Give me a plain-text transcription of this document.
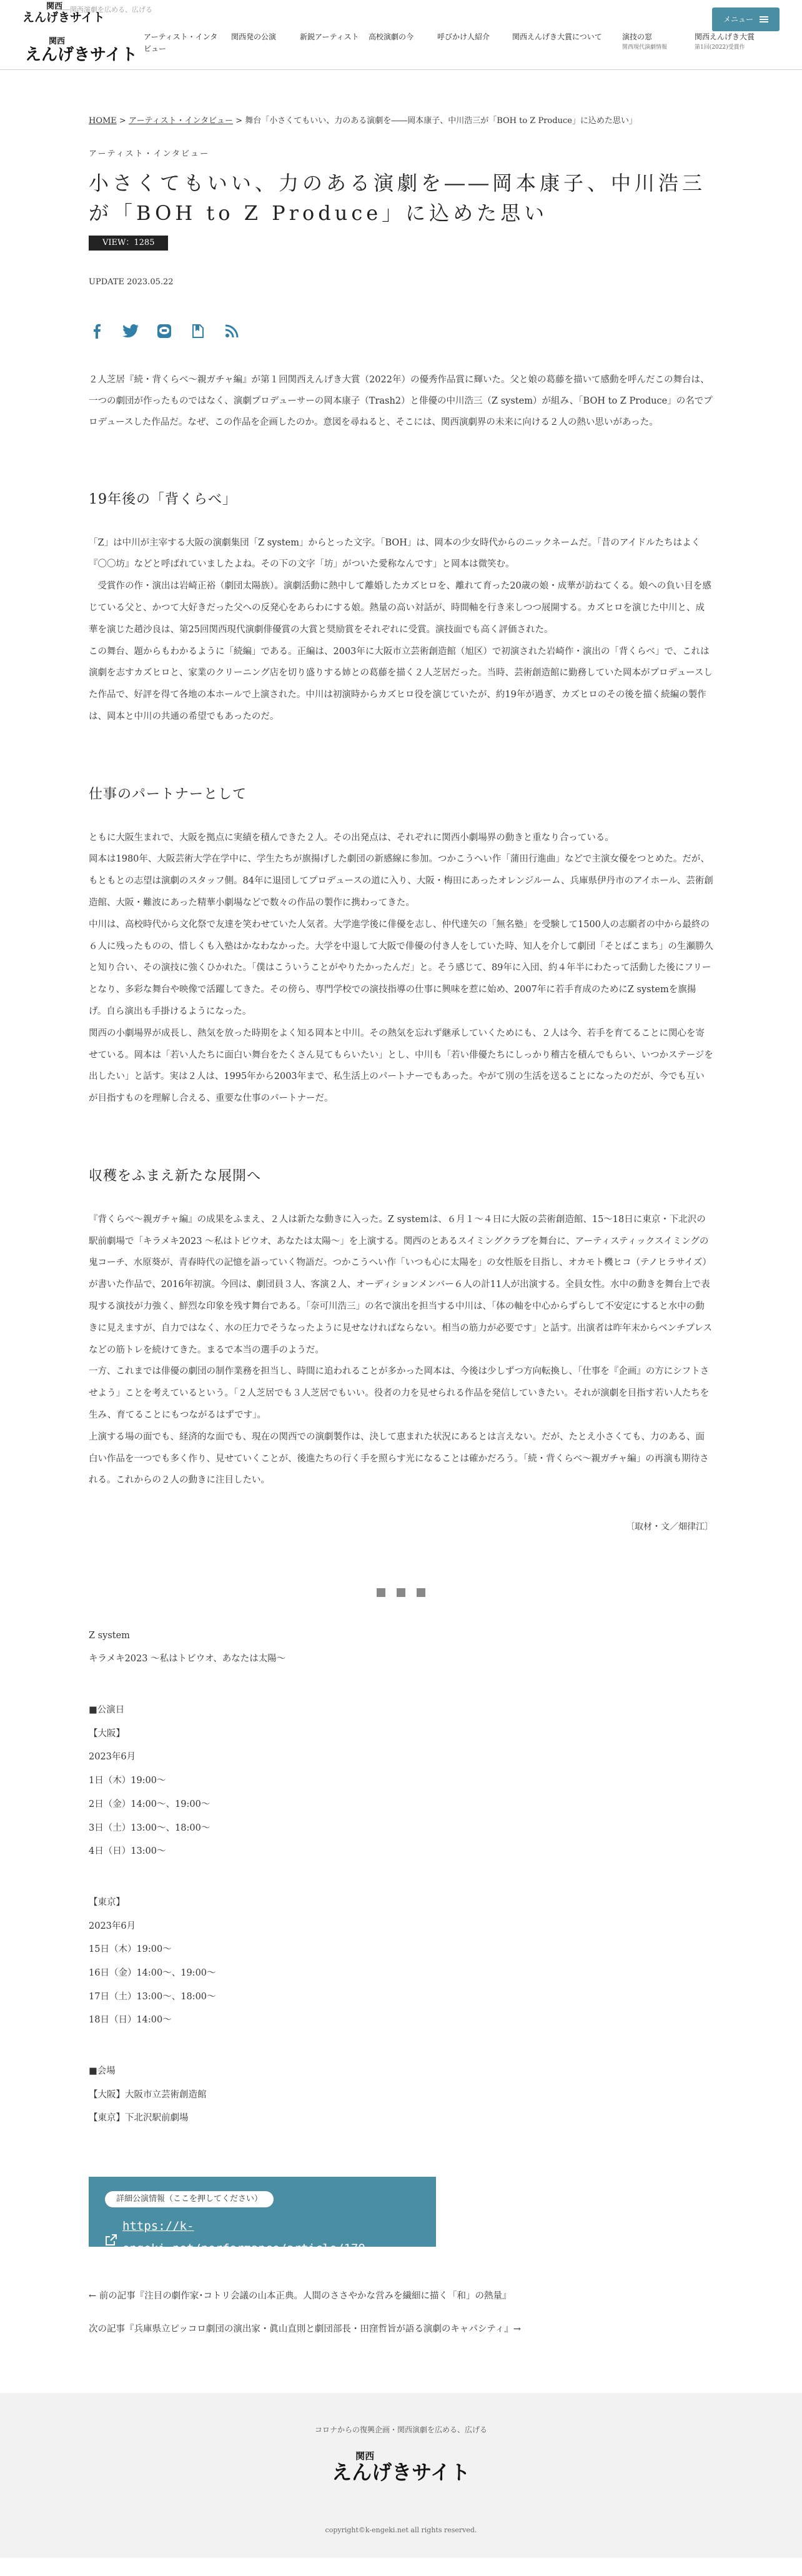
関西
えんげきサイト
――関西演劇を広める、広げる
関西
えんげきサイト
アーティスト・インタビュー
関西発の公演	新鋭アーティスト	高校演劇の今	呼びかけ人紹介	関西えんげき大賞について	演技の窓
関西現代演劇情報
関西えんげき大賞
第1回(2022)受賞作
メニュー
HOME > アーティスト・インタビュー > 舞台「小さくてもいい、力のある演劇を――岡本康子、中川浩三が「BOH to Z Produce」に込めた思い」
アーティスト・インタビュー
小さくてもいい、力のある演劇を――岡本康子、中川浩三が「BOH to Z Produce」に込めた思い
VIEW：1285
UPDATE 2023.05.22

２人芝居『続・背くらべ～親ガチャ編』が第１回関西えんげき大賞（2022年）の優秀作品賞に輝いた。父と娘の葛藤を描いて感動を呼んだこの舞台は、一つの劇団が作ったものではなく、演劇プロデューサーの岡本康子（Trash2）と俳優の中川浩三（Z system）が組み、「BOH to Z Produce」の名でプロデュースした作品だ。なぜ、この作品を企画したのか。意図を尋ねると、そこには、関西演劇界の未来に向ける２人の熱い思いがあった。

19年後の「背くらべ」

「Z」は中川が主宰する大阪の演劇集団「Z system」からとった文字。「BOH」は、岡本の少女時代からのニックネームだ。「昔のアイドルたちはよく『〇〇坊』などと呼ばれていましたよね。その下の文字「坊」がついた愛称なんです」と岡本は微笑む。

　受賞作の作・演出は岩崎正裕（劇団太陽族）。演劇活動に熱中して離婚したカズヒロを、離れて育った20歳の娘・成華が訪ねてくる。娘への負い目を感じている父と、かつて大好きだった父への反発心をあらわにする娘。熱量の高い対話が、時間軸を行き来しつつ展開する。カズヒロを演じた中川と、成華を演じた趙沙良は、第25回関西現代演劇俳優賞の大賞と奨励賞をそれぞれに受賞。演技面でも高く評価された。

この舞台、題からもわかるように「続編」である。正編は、2003年に大阪市立芸術創造館（旭区）で初演された岩崎作・演出の「背くらべ」で、これは演劇を志すカズヒロと、家業のクリーニング店を切り盛りする姉との葛藤を描く２人芝居だった。当時、芸術創造館に勤務していた岡本がプロデュースした作品で、好評を得て各地の本ホールで上演された。中川は初演時からカズヒロ役を演じていたが、約19年が過ぎ、カズヒロのその後を描く続編の製作は、岡本と中川の共通の希望でもあったのだ。

仕事のパートナーとして

ともに大阪生まれで、大阪を拠点に実績を積んできた２人。その出発点は、それぞれに関西小劇場界の動きと重なり合っている。

岡本は1980年、大阪芸術大学在学中に、学生たちが旗揚げした劇団の新感線に参加。つかこうへい作「蒲田行進曲」などで主演女優をつとめた。だが、もともとの志望は演劇のスタッフ側。84年に退団してプロデュースの道に入り、大阪・梅田にあったオレンジルーム、兵庫県伊丹市のアイホール、芸術創造館、大阪・難波にあった精華小劇場などで数々の作品の製作に携わってきた。

中川は、高校時代から文化祭で友達を笑わせていた人気者。大学進学後に俳優を志し、仲代達矢の「無名塾」を受験して1500人の志願者の中から最終の６人に残ったものの、惜しくも入塾はかなわなかった。大学を中退して大阪で俳優の付き人をしていた時、知人を介して劇団「そとばこまち」の生瀬勝久と知り合い、その演技に強くひかれた。「僕はこういうことがやりたかったんだ」と。そう感じて、89年に入団、約４年半にわたって活動した後にフリーとなり、多彩な舞台や映像で活躍してきた。その傍ら、専門学校での演技指導の仕事に興味を惹に始め、2007年に若手育成のためにZ systemを旗揚げ。自ら演出も手掛けるようになった。

関西の小劇場界が成長し、熱気を放った時期をよく知る岡本と中川。その熱気を忘れず継承していくためにも、２人は今、若手を育てることに関心を寄せている。岡本は「若い人たちに面白い舞台をたくさん見てもらいたい」とし、中川も「若い俳優たちにしっかり稽古を積んでもらい、いつかステージを出したい」と話す。実は２人は、1995年から2003年まで、私生活上のパートナーでもあった。やがて別の生活を送ることになったのだが、今でも互いが目指すものを理解し合える、重要な仕事のパートナーだ。

収穫をふまえ新たな展開へ

『背くらべ～親ガチャ編』の成果をふまえ、２人は新たな動きに入った。Z systemは、６月１～４日に大阪の芸術創造館、15～18日に東京・下北沢の駅前劇場で「キラメキ2023 ～私はトビウオ、あなたは太陽～」を上演する。関西のとあるスイミングクラブを舞台に、アーティスティックスイミングの鬼コーチ、水原葵が、青春時代の記憶を語っていく物語だ。つかこうへい作「いつも心に太陽を」の女性版を目指し、オカモト機ヒコ（テノヒラサイズ）が書いた作品で、2016年初演。今回は、劇団員３人、客演２人、オーディションメンバー６人の計11人が出演する。全員女性。水中の動きを舞台上で表現する演技が力強く、鮮烈な印象を残す舞台である。「奈可川浩三」の名で演出を担当する中川は、「体の軸を中心からずらして不安定にすると水中の動きに見えますが、自力ではなく、水の圧力でそうなったように見せなければならない。相当の筋力が必要です」と話す。出演者は昨年末からベンチプレスなどの筋トレを続けてきた。まるで本当の選手のようだ。

一方、これまでは俳優の劇団の制作業務を担当し、時間に追われることが多かった岡本は、今後は少しずつ方向転換し、「仕事を『企画』の方にシフトさせよう」ことを考えているという。「２人芝居でも３人芝居でもいい。役者の力を見せられる作品を発信していきたい。それが演劇を目指す若い人たちを生み、育てることにもつながるはずです」。

上演する場の面でも、経済的な面でも、現在の関西での演劇製作は、決して恵まれた状況にあるとは言えない。だが、たとえ小さくても、力のある、面白い作品を一つでも多く作り、見せていくことが、後進たちの行く手を照らす光になることは確かだろう。「続・背くらべ～親ガチャ編」の再演も期待される。これからの２人の動きに注目したい。

〔取材・文／畑律江〕
Z system
キラメキ2023 ～私はトビウオ、あなたは太陽～
■公演日
【大阪】
2023年6月
1日（木）19:00～
2日（金）14:00～、19:00～
3日（土）13:00～、18:00～
4日（日）13:00～
【東京】
2023年6月
15日（木）19:00～
16日（金）14:00～、19:00～
17日（土）13:00～、18:00～
18日（日）14:00～
■会場
【大阪】大阪市立芸術創造館
【東京】下北沢駅前劇場
詳細公演情報（ここを押してください）
https://k-engeki.net/performance/article/179
← 前の記事『注目の劇作家･コトリ会議の山本正典。人間のささやかな営みを繊細に描く「和」の熱量』
次の記事『兵庫県立ピッコロ劇団の演出家・眞山直則と劇団部長・田窪哲旨が語る演劇のキャパシティ』→
コロナからの復興企画・関西演劇を広める、広げる
関西
えんげきサイト
copyright©k-engeki.net all rights reserved.
